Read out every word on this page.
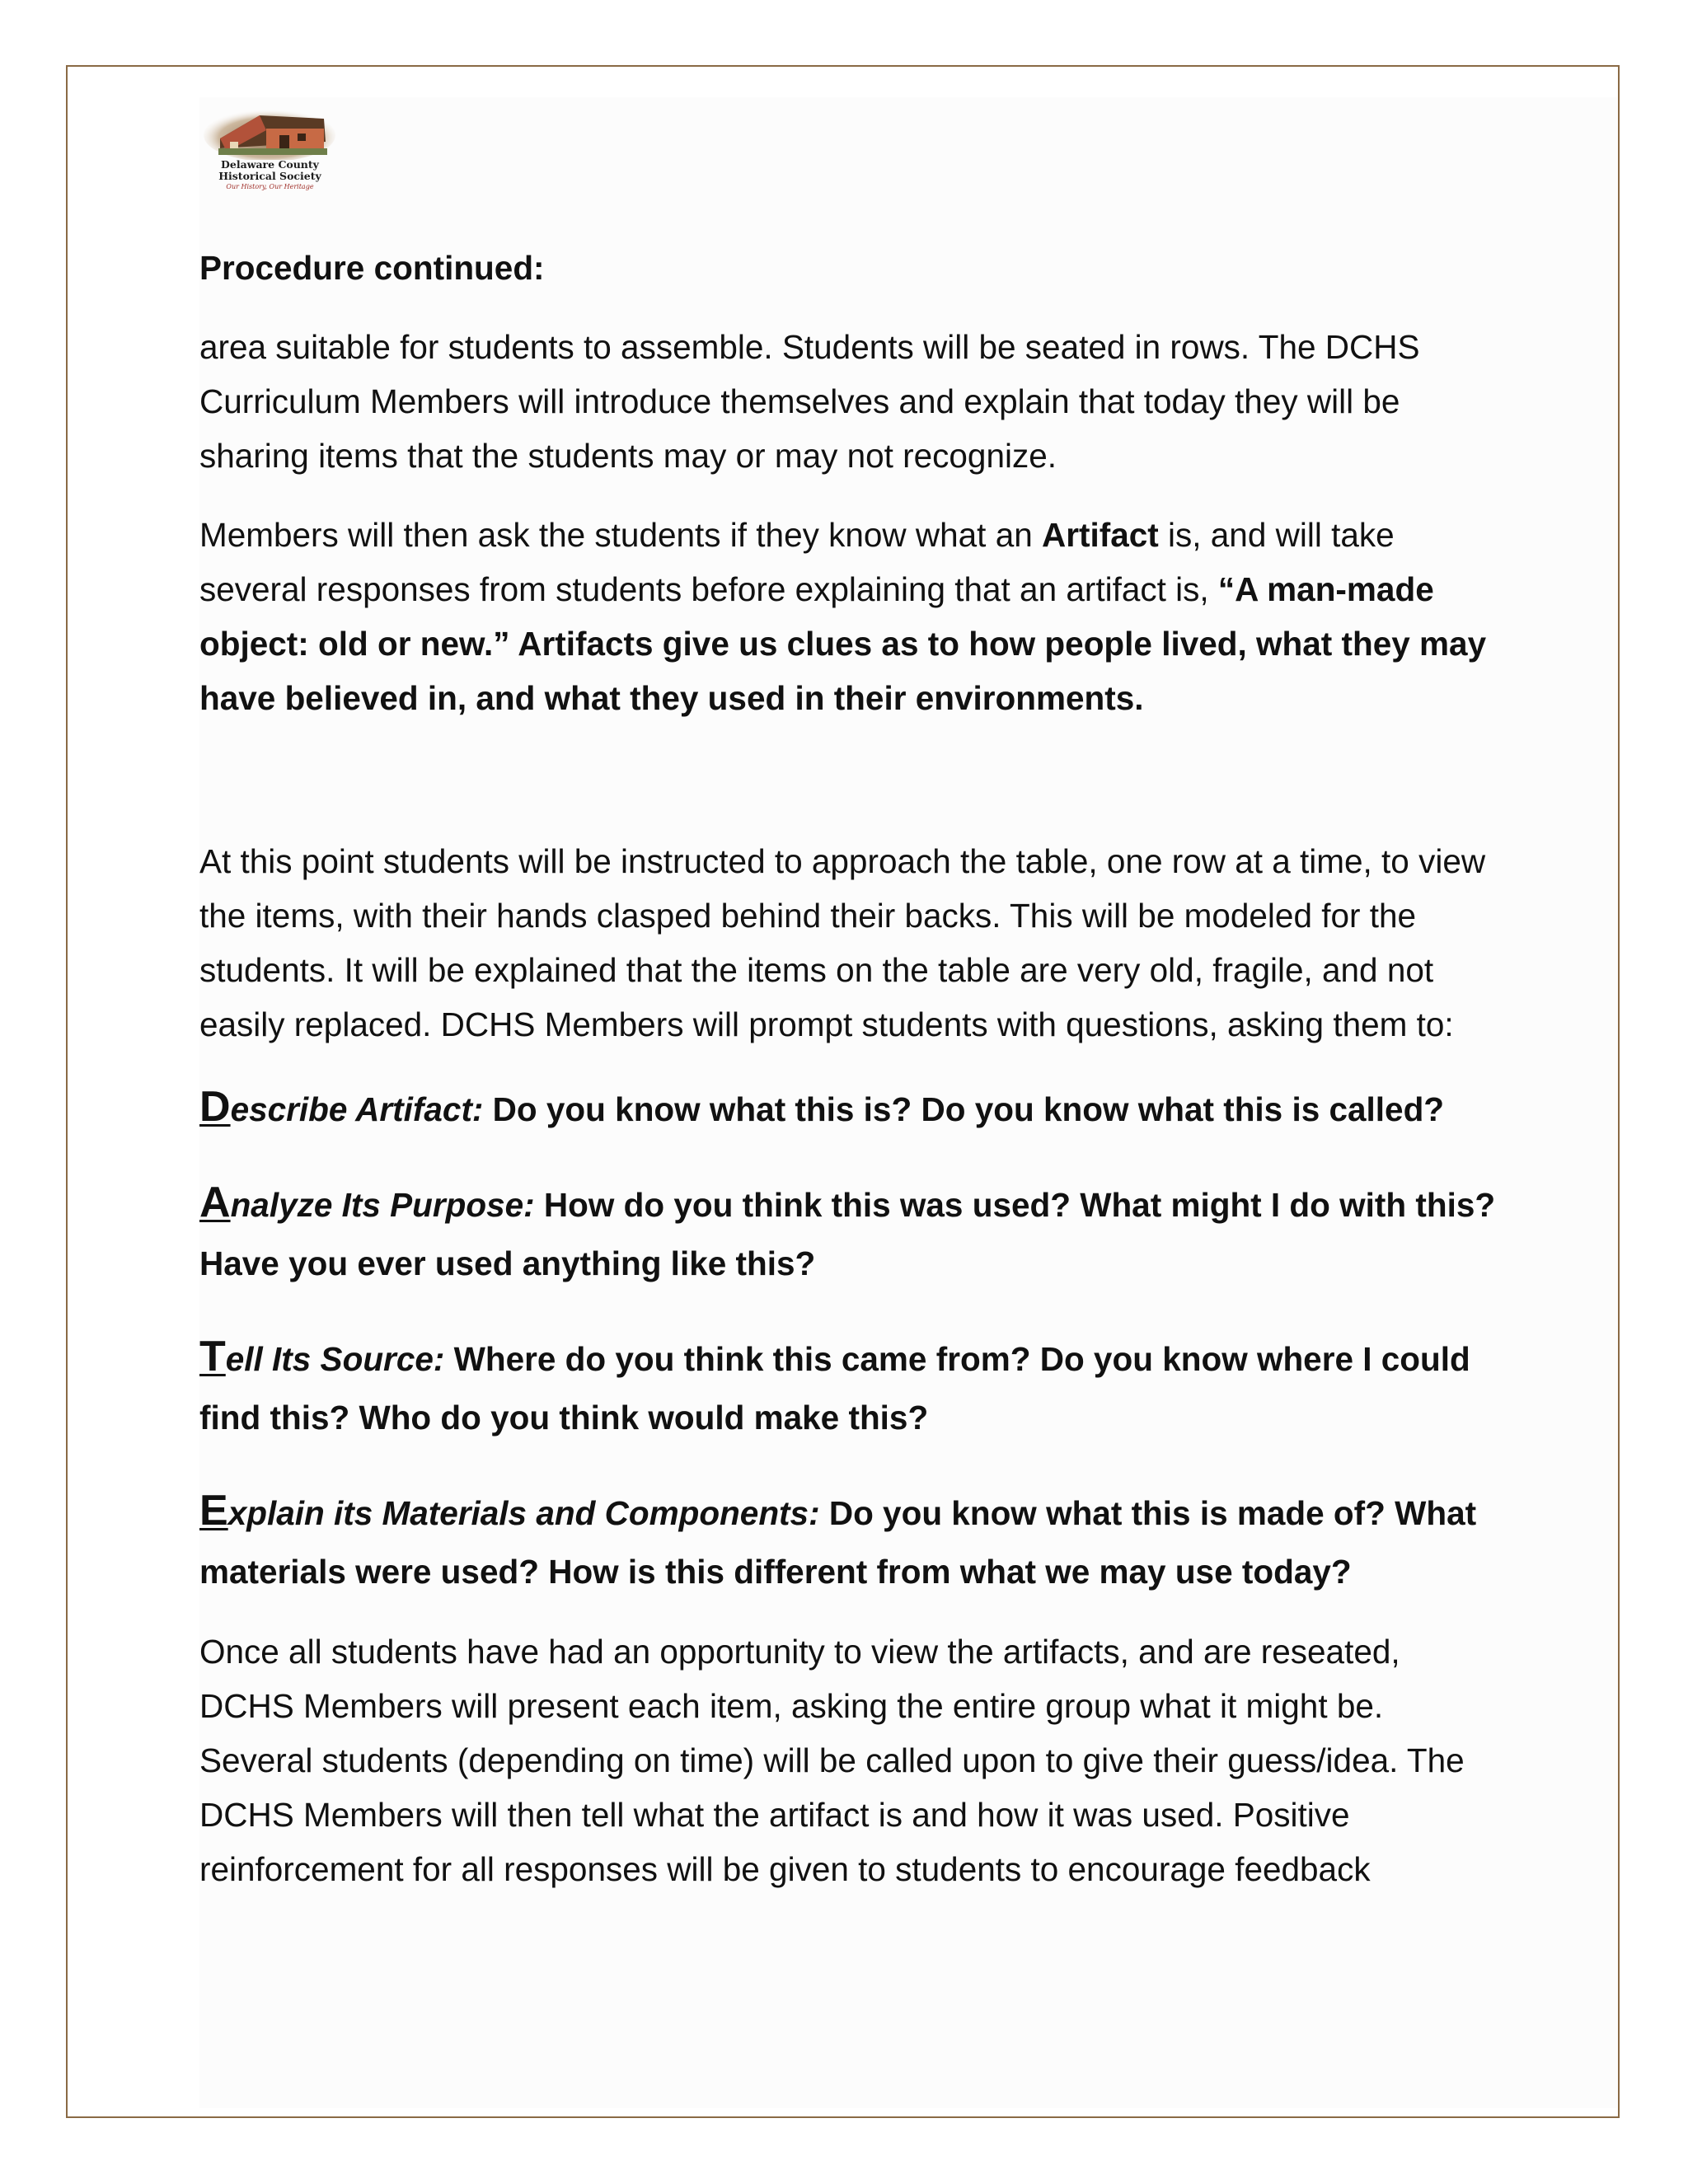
Delaware County
Historical Society
Our History, Our Heritage

Procedure continued:

area suitable for students to assemble. Students will be seated in rows. The DCHS Curriculum Members will introduce themselves and explain that today they will be sharing items that the students may or may not recognize.

Members will then ask the students if they know what an Artifact is, and will take several responses from students before explaining that an artifact is, “A man-made object: old or new.” Artifacts give us clues as to how people lived, what they may have believed in, and what they used in their environments.

At this point students will be instructed to approach the table, one row at a time, to view the items, with their hands clasped behind their backs. This will be modeled for the students. It will be explained that the items on the table are very old, fragile, and not easily replaced. DCHS Members will prompt students with questions, asking them to:

Describe Artifact: Do you know what this is? Do you know what this is called?

Analyze Its Purpose: How do you think this was used? What might I do with this? Have you ever used anything like this?

Tell Its Source: Where do you think this came from? Do you know where I could find this? Who do you think would make this?

Explain its Materials and Components: Do you know what this is made of? What materials were used? How is this different from what we may use today?

Once all students have had an opportunity to view the artifacts, and are reseated, DCHS Members will present each item, asking the entire group what it might be. Several students (depending on time) will be called upon to give their guess/idea. The DCHS Members will then tell what the artifact is and how it was used. Positive reinforcement for all responses will be given to students to encourage feedback
